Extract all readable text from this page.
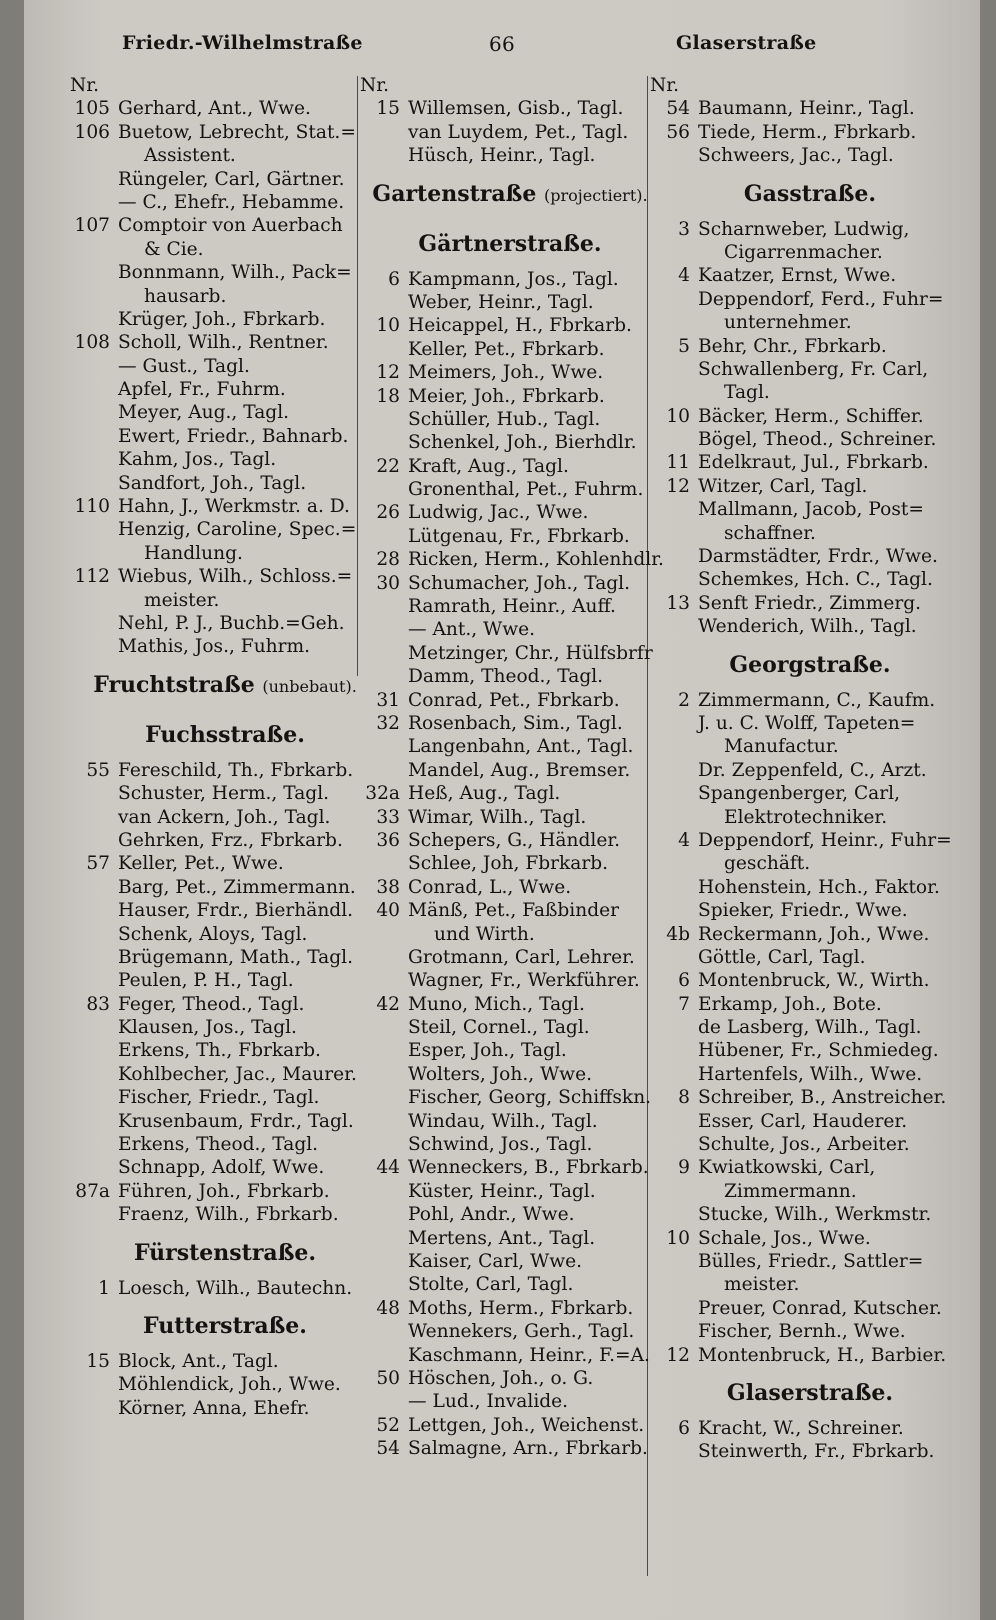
Friedr.-Wilhelmstraße	66	Glaserstraße
Nr.
105 Gerhard, Ant., Wwe.
106 Buetow, Lebrecht, Stat.=
Assistent.
Rüngeler, Carl, Gärtner.
— C., Ehefr., Hebamme.
107 Comptoir von Auerbach
& Cie.
Bonnmann, Wilh., Pack=
hausarb.
Krüger, Joh., Fbrkarb.
108 Scholl, Wilh., Rentner.
— Gust., Tagl.
Apfel, Fr., Fuhrm.
Meyer, Aug., Tagl.
Ewert, Friedr., Bahnarb.
Kahm, Jos., Tagl.
Sandfort, Joh., Tagl.
110 Hahn, J., Werkmstr. a. D.
Henzig, Caroline, Spec.=
Handlung.
112 Wiebus, Wilh., Schloss.=
meister.
Nehl, P. J., Buchb.=Geh.
Mathis, Jos., Fuhrm.
Fruchtstraße (unbebaut).
Fuchsstraße.
55 Fereschild, Th., Fbrkarb.
Schuster, Herm., Tagl.
van Ackern, Joh., Tagl.
Gehrken, Frz., Fbrkarb.
57 Keller, Pet., Wwe.
Barg, Pet., Zimmermann.
Hauser, Frdr., Bierhändl.
Schenk, Aloys, Tagl.
Brügemann, Math., Tagl.
Peulen, P. H., Tagl.
83 Feger, Theod., Tagl.
Klausen, Jos., Tagl.
Erkens, Th., Fbrkarb.
Kohlbecher, Jac., Maurer.
Fischer, Friedr., Tagl.
Krusenbaum, Frdr., Tagl.
Erkens, Theod., Tagl.
Schnapp, Adolf, Wwe.
87a Führen, Joh., Fbrkarb.
Fraenz, Wilh., Fbrkarb.
Fürstenstraße.
1 Loesch, Wilh., Bautechn.
Futterstraße.
15 Block, Ant., Tagl.
Möhlendick, Joh., Wwe.
Körner, Anna, Ehefr.
Nr.
15 Willemsen, Gisb., Tagl.
van Luydem, Pet., Tagl.
Hüsch, Heinr., Tagl.
Gartenstraße (projectiert).
Gärtnerstraße.
6 Kampmann, Jos., Tagl.
Weber, Heinr., Tagl.
10 Heicappel, H., Fbrkarb.
Keller, Pet., Fbrkarb.
12 Meimers, Joh., Wwe.
18 Meier, Joh., Fbrkarb.
Schüller, Hub., Tagl.
Schenkel, Joh., Bierhdlr.
22 Kraft, Aug., Tagl.
Gronenthal, Pet., Fuhrm.
26 Ludwig, Jac., Wwe.
Lütgenau, Fr., Fbrkarb.
28 Ricken, Herm., Kohlenhdlr.
30 Schumacher, Joh., Tagl.
Ramrath, Heinr., Auff.
— Ant., Wwe.
Metzinger, Chr., Hülfsbrfr
Damm, Theod., Tagl.
31 Conrad, Pet., Fbrkarb.
32 Rosenbach, Sim., Tagl.
Langenbahn, Ant., Tagl.
Mandel, Aug., Bremser.
32a Heß, Aug., Tagl.
33 Wimar, Wilh., Tagl.
36 Schepers, G., Händler.
Schlee, Joh, Fbrkarb.
38 Conrad, L., Wwe.
40 Mänß, Pet., Faßbinder
und Wirth.
Grotmann, Carl, Lehrer.
Wagner, Fr., Werkführer.
42 Muno, Mich., Tagl.
Steil, Cornel., Tagl.
Esper, Joh., Tagl.
Wolters, Joh., Wwe.
Fischer, Georg, Schiffskn.
Windau, Wilh., Tagl.
Schwind, Jos., Tagl.
44 Wenneckers, B., Fbrkarb.
Küster, Heinr., Tagl.
Pohl, Andr., Wwe.
Mertens, Ant., Tagl.
Kaiser, Carl, Wwe.
Stolte, Carl, Tagl.
48 Moths, Herm., Fbrkarb.
Wennekers, Gerh., Tagl.
Kaschmann, Heinr., F.=A.
50 Höschen, Joh., o. G.
— Lud., Invalide.
52 Lettgen, Joh., Weichenst.
54 Salmagne, Arn., Fbrkarb.
Nr.
54 Baumann, Heinr., Tagl.
56 Tiede, Herm., Fbrkarb.
Schweers, Jac., Tagl.
Gasstraße.
3 Scharnweber, Ludwig,
Cigarrenmacher.
4 Kaatzer, Ernst, Wwe.
Deppendorf, Ferd., Fuhr=
unternehmer.
5 Behr, Chr., Fbrkarb.
Schwallenberg, Fr. Carl,
Tagl.
10 Bäcker, Herm., Schiffer.
Bögel, Theod., Schreiner.
11 Edelkraut, Jul., Fbrkarb.
12 Witzer, Carl, Tagl.
Mallmann, Jacob, Post=
schaffner.
Darmstädter, Frdr., Wwe.
Schemkes, Hch. C., Tagl.
13 Senft Friedr., Zimmerg.
Wenderich, Wilh., Tagl.
Georgstraße.
2 Zimmermann, C., Kaufm.
J. u. C. Wolff, Tapeten=
Manufactur.
Dr. Zeppenfeld, C., Arzt.
Spangenberger, Carl,
Elektrotechniker.
4 Deppendorf, Heinr., Fuhr=
geschäft.
Hohenstein, Hch., Faktor.
Spieker, Friedr., Wwe.
4b Reckermann, Joh., Wwe.
Göttle, Carl, Tagl.
6 Montenbruck, W., Wirth.
7 Erkamp, Joh., Bote.
de Lasberg, Wilh., Tagl.
Hübener, Fr., Schmiedeg.
Hartenfels, Wilh., Wwe.
8 Schreiber, B., Anstreicher.
Esser, Carl, Hauderer.
Schulte, Jos., Arbeiter.
9 Kwiatkowski, Carl,
Zimmermann.
Stucke, Wilh., Werkmstr.
10 Schale, Jos., Wwe.
Bülles, Friedr., Sattler=
meister.
Preuer, Conrad, Kutscher.
Fischer, Bernh., Wwe.
12 Montenbruck, H., Barbier.
Glaserstraße.
6 Kracht, W., Schreiner.
Steinwerth, Fr., Fbrkarb.
